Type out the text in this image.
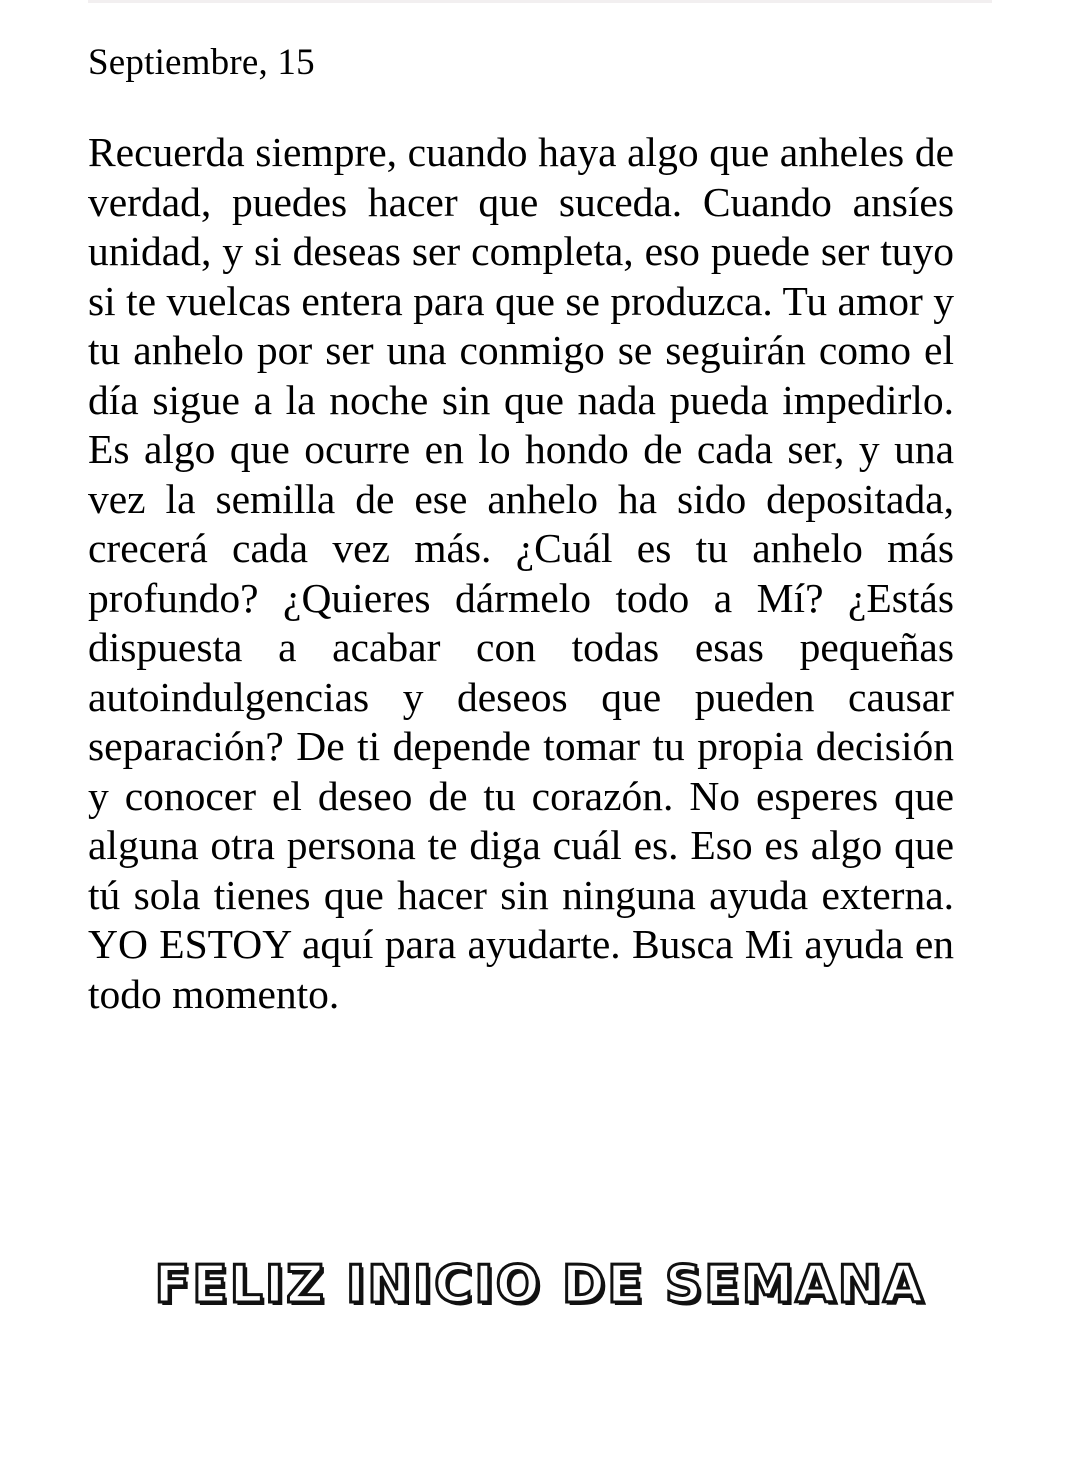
Septiembre, 15

Recuerda siempre, cuando haya algo que anheles de verdad, puedes hacer que suceda. Cuando ansíes unidad, y si deseas ser completa, eso puede ser tuyo si te vuelcas entera para que se produzca. Tu amor y tu anhelo por ser una conmigo se seguirán como el día sigue a la noche sin que nada pueda impedirlo. Es algo que ocurre en lo hondo de cada ser, y una vez la semilla de ese anhelo ha sido depositada, crecerá cada vez más. ¿Cuál es tu anhelo más profundo? ¿Quieres dármelo todo a Mí? ¿Estás dispuesta a acabar con todas esas pequeñas autoindulgencias y deseos que pueden causar separación? De ti depende tomar tu propia decisión y conocer el deseo de tu corazón. No esperes que alguna otra persona te diga cuál es. Eso es algo que tú sola tienes que hacer sin ninguna ayuda externa. YO ESTOY aquí para ayudarte. Busca Mi ayuda en todo momento.

FELIZ INICIO DE SEMANA
